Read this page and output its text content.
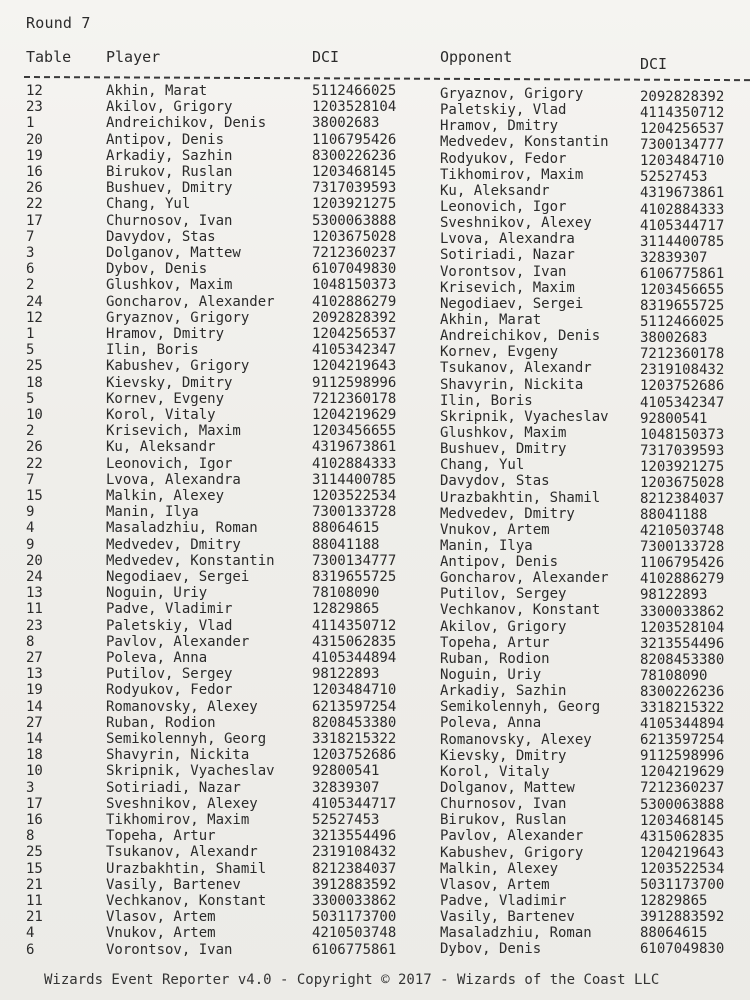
Round 7
Table Player	DCI	Opponent	DCI
12	Akhin, Marat	5112466025	Gryaznov, Grigory	2092828392
23	Akilov, Grigory	1203528104	Paletskiy, Vlad	4114350712
1	Andreichikov, Denis	38002683	Hramov, Dmitry	1204256537
20	Antipov, Denis	1106795426	Medvedev, Konstantin 7300134777
19	Arkadiy, Sazhin	8300226236	Rodyukov, Fedor	1203484710
16	Birukov, Ruslan	1203468145	Tikhomirov, Maxim	52527453
26	Bushuev, Dmitry	7317039593	Ku, Aleksandr	4319673861
22	Chang, Yul	1203921275	Leonovich, Igor	4102884333
17	Churnosov, Ivan	5300063888	Sveshnikov, Alexey	4105344717
7	Davydov, Stas	1203675028	Lvova, Alexandra	3114400785
3	Dolganov, Mattew	7212360237	Sotiriadi, Nazar	32839307
6	Dybov, Denis	6107049830	Vorontsov, Ivan	6106775861
2	Glushkov, Maxim	1048150373	Krisevich, Maxim	1203456655
24	Goncharov, Alexander	4102886279	Negodiaev, Sergei	8319655725
12	Gryaznov, Grigory	2092828392	Akhin, Marat	5112466025
1	Hramov, Dmitry	1204256537	Andreichikov, Denis	38002683
5	Ilin, Boris	4105342347	Kornev, Evgeny	7212360178
25	Kabushev, Grigory	1204219643	Tsukanov, Alexandr	2319108432
18	Kievsky, Dmitry	9112598996	Shavyrin, Nickita	1203752686
5	Kornev, Evgeny	7212360178	Ilin, Boris	4105342347
10	Korol, Vitaly	1204219629	Skripnik, Vyacheslav 92800541
2	Krisevich, Maxim	1203456655	Glushkov, Maxim	1048150373
26	Ku, Aleksandr	4319673861	Bushuev, Dmitry	7317039593
22	Leonovich, Igor	4102884333	Chang, Yul	1203921275
7	Lvova, Alexandra	3114400785	Davydov, Stas	1203675028
15	Malkin, Alexey	1203522534	Urazbakhtin, Shamil	8212384037
9	Manin, Ilya	7300133728	Medvedev, Dmitry	88041188
4	Masaladzhiu, Roman	88064615	Vnukov, Artem	4210503748
9	Medvedev, Dmitry	88041188	Manin, Ilya	7300133728
20	Medvedev, Konstantin	7300134777	Antipov, Denis	1106795426
24	Negodiaev, Sergei	8319655725	Goncharov, Alexander 4102886279
13	Noguin, Uriy	78108090	Putilov, Sergey	98122893
11	Padve, Vladimir	12829865	Vechkanov, Konstant	3300033862
23	Paletskiy, Vlad	4114350712	Akilov, Grigory	1203528104
8	Pavlov, Alexander	4315062835	Topeha, Artur	3213554496
27	Poleva, Anna	4105344894	Ruban, Rodion	8208453380
13	Putilov, Sergey	98122893	Noguin, Uriy	78108090
19	Rodyukov, Fedor	1203484710	Arkadiy, Sazhin	8300226236
14	Romanovsky, Alexey	6213597254	Semikolennyh, Georg	3318215322
27	Ruban, Rodion	8208453380	Poleva, Anna	4105344894
14	Semikolennyh, Georg	3318215322	Romanovsky, Alexey	6213597254
18	Shavyrin, Nickita	1203752686	Kievsky, Dmitry	9112598996
10	Skripnik, Vyacheslav	92800541	Korol, Vitaly	1204219629
3	Sotiriadi, Nazar	32839307	Dolganov, Mattew	7212360237
17	Sveshnikov, Alexey	4105344717	Churnosov, Ivan	5300063888
16	Tikhomirov, Maxim	52527453	Birukov, Ruslan	1203468145
8	Topeha, Artur	3213554496	Pavlov, Alexander	4315062835
25	Tsukanov, Alexandr	2319108432	Kabushev, Grigory	1204219643
15	Urazbakhtin, Shamil	8212384037	Malkin, Alexey	1203522534
21	Vasily, Bartenev	3912883592	Vlasov, Artem	5031173700
11	Vechkanov, Konstant	3300033862	Padve, Vladimir	12829865
21	Vlasov, Artem	5031173700	Vasily, Bartenev	3912883592
4	Vnukov, Artem	4210503748	Masaladzhiu, Roman	88064615
6	Vorontsov, Ivan	6106775861	Dybov, Denis	6107049830
Wizards Event Reporter v4.0 - Copyright © 2017 - Wizards of the Coast LLC
